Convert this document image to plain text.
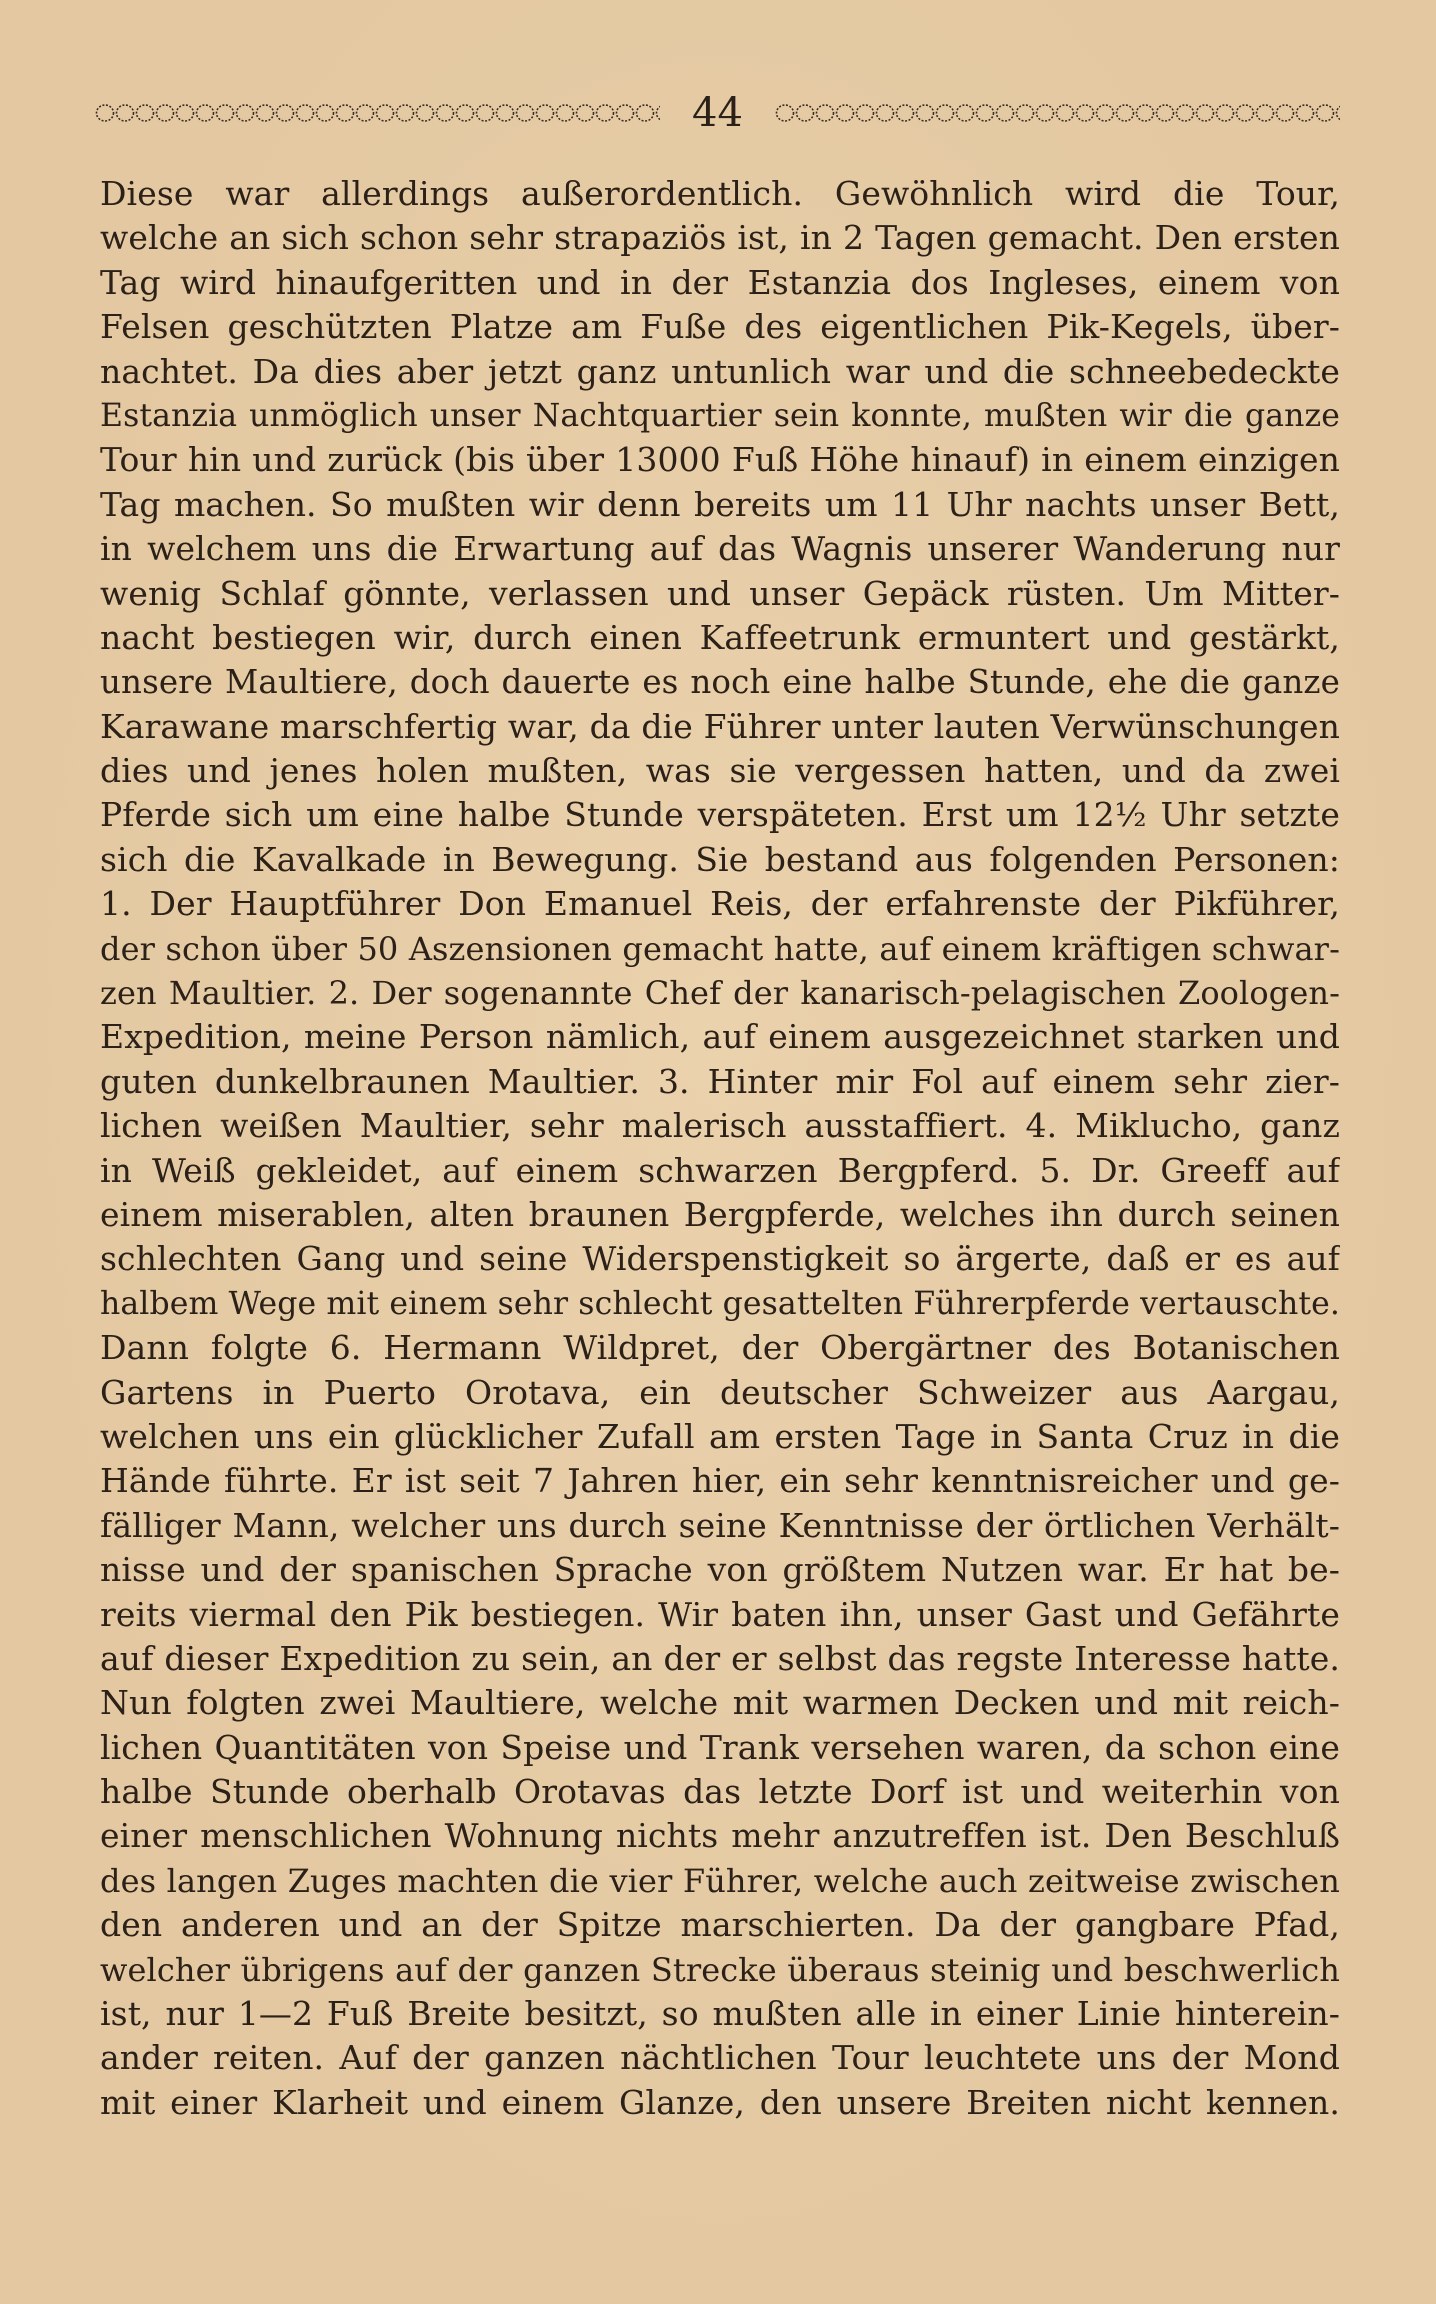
44
Diese war allerdings außerordentlich. Gewöhnlich wird die Tour,
welche an sich schon sehr strapaziös ist, in 2 Tagen gemacht. Den ersten
Tag wird hinaufgeritten und in der Estanzia dos Ingleses, einem von
Felsen geschützten Platze am Fuße des eigentlichen Pik-Kegels, über-
nachtet. Da dies aber jetzt ganz untunlich war und die schneebedeckte
Estanzia unmöglich unser Nachtquartier sein konnte, mußten wir die ganze
Tour hin und zurück (bis über 13000 Fuß Höhe hinauf) in einem einzigen
Tag machen. So mußten wir denn bereits um 11 Uhr nachts unser Bett,
in welchem uns die Erwartung auf das Wagnis unserer Wanderung nur
wenig Schlaf gönnte, verlassen und unser Gepäck rüsten. Um Mitter-
nacht bestiegen wir, durch einen Kaffeetrunk ermuntert und gestärkt,
unsere Maultiere, doch dauerte es noch eine halbe Stunde, ehe die ganze
Karawane marschfertig war, da die Führer unter lauten Verwünschungen
dies und jenes holen mußten, was sie vergessen hatten, und da zwei
Pferde sich um eine halbe Stunde verspäteten. Erst um 12½ Uhr setzte
sich die Kavalkade in Bewegung. Sie bestand aus folgenden Personen:
1. Der Hauptführer Don Emanuel Reis, der erfahrenste der Pikführer,
der schon über 50 Aszensionen gemacht hatte, auf einem kräftigen schwar-
zen Maultier. 2. Der sogenannte Chef der kanarisch-pelagischen Zoologen-
Expedition, meine Person nämlich, auf einem ausgezeichnet starken und
guten dunkelbraunen Maultier. 3. Hinter mir Fol auf einem sehr zier-
lichen weißen Maultier, sehr malerisch ausstaffiert. 4. Miklucho, ganz
in Weiß gekleidet, auf einem schwarzen Bergpferd. 5. Dr. Greeff auf
einem miserablen, alten braunen Bergpferde, welches ihn durch seinen
schlechten Gang und seine Widerspenstigkeit so ärgerte, daß er es auf
halbem Wege mit einem sehr schlecht gesattelten Führerpferde vertauschte.
Dann folgte 6. Hermann Wildpret, der Obergärtner des Botanischen
Gartens in Puerto Orotava, ein deutscher Schweizer aus Aargau,
welchen uns ein glücklicher Zufall am ersten Tage in Santa Cruz in die
Hände führte. Er ist seit 7 Jahren hier, ein sehr kenntnisreicher und ge-
fälliger Mann, welcher uns durch seine Kenntnisse der örtlichen Verhält-
nisse und der spanischen Sprache von größtem Nutzen war. Er hat be-
reits viermal den Pik bestiegen. Wir baten ihn, unser Gast und Gefährte
auf dieser Expedition zu sein, an der er selbst das regste Interesse hatte.
Nun folgten zwei Maultiere, welche mit warmen Decken und mit reich-
lichen Quantitäten von Speise und Trank versehen waren, da schon eine
halbe Stunde oberhalb Orotavas das letzte Dorf ist und weiterhin von
einer menschlichen Wohnung nichts mehr anzutreffen ist. Den Beschluß
des langen Zuges machten die vier Führer, welche auch zeitweise zwischen
den anderen und an der Spitze marschierten. Da der gangbare Pfad,
welcher übrigens auf der ganzen Strecke überaus steinig und beschwerlich
ist, nur 1—2 Fuß Breite besitzt, so mußten alle in einer Linie hinterein-
ander reiten. Auf der ganzen nächtlichen Tour leuchtete uns der Mond
mit einer Klarheit und einem Glanze, den unsere Breiten nicht kennen.
